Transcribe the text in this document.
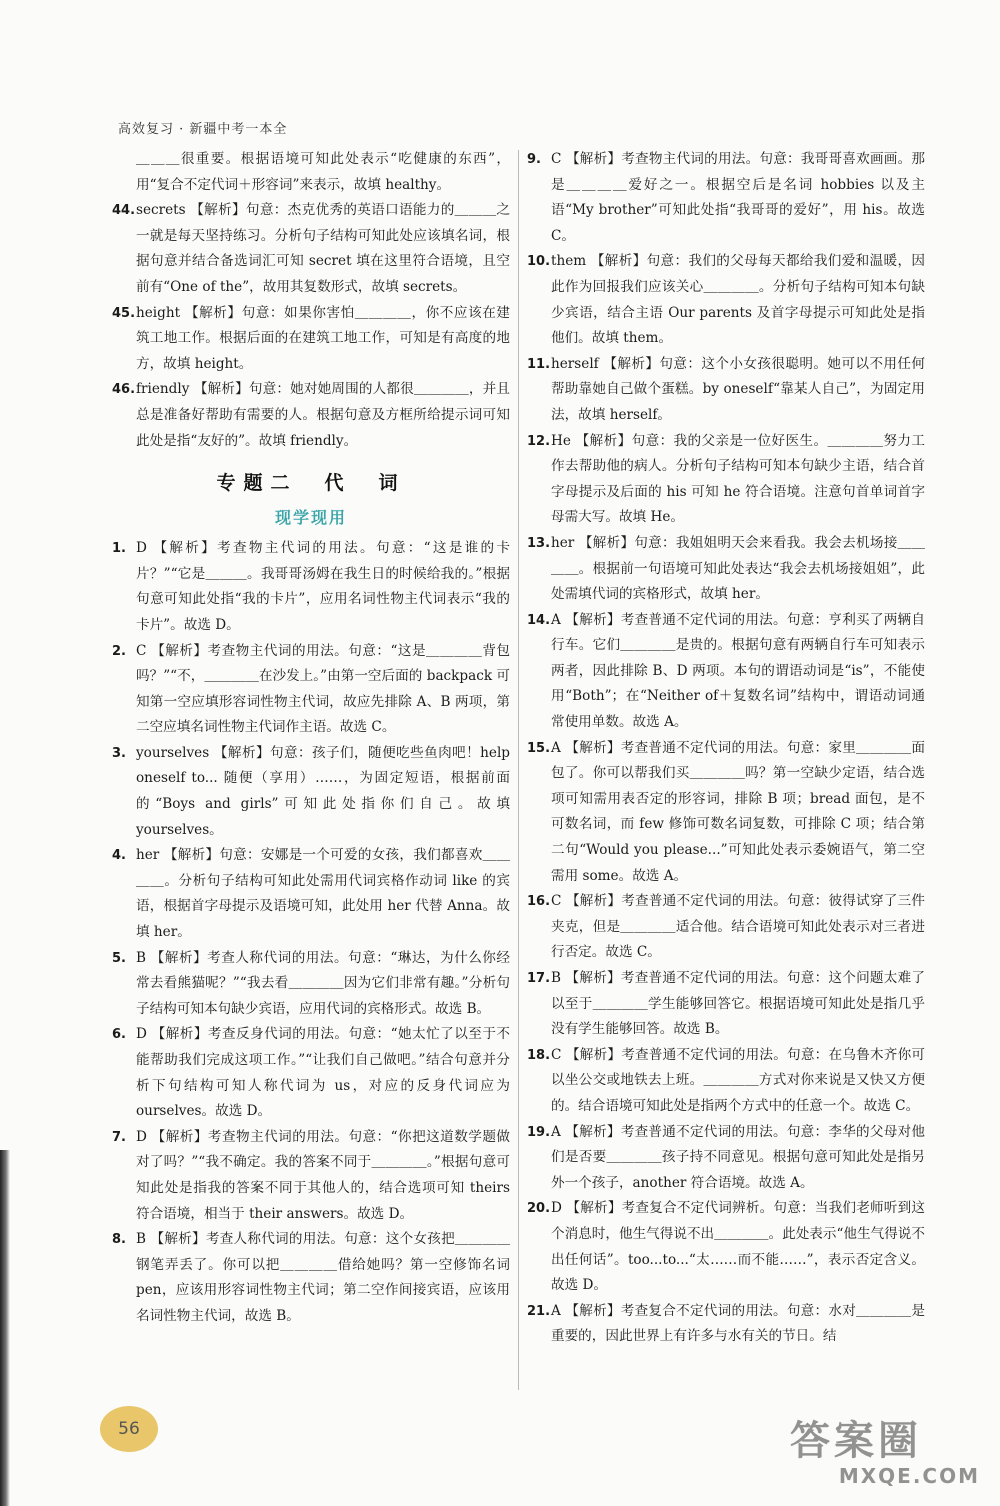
高效复习 · 新疆中考一本全
＿＿＿很重要。根据语境可知此处表示“吃健康的东西”，用“复合不定代词＋形容词”来表示，故填 healthy。
44. secrets 【解析】句意：杰克优秀的英语口语能力的＿＿＿之一就是每天坚持练习。分析句子结构可知此处应该填名词，根据句意并结合备选词汇可知 secret 填在这里符合语境，且空前有“One of the”，故用其复数形式，故填 secrets。
45. height 【解析】句意：如果你害怕＿＿＿＿，你不应该在建筑工地工作。根据后面的在建筑工地工作，可知是有高度的地方，故填 height。
46. friendly 【解析】句意：她对她周围的人都很＿＿＿＿，并且总是准备好帮助有需要的人。根据句意及方框所给提示词可知此处是指“友好的”。故填 friendly。
专题二　代　词
现学现用
1. D 【解析】考查物主代词的用法。句意：“这是谁的卡片？”“它是＿＿＿。我哥哥汤姆在我生日的时候给我的。”根据句意可知此处指“我的卡片”，应用名词性物主代词表示“我的卡片”。故选 D。
2. C 【解析】考查物主代词的用法。句意：“这是＿＿＿＿背包吗？”“不，＿＿＿＿在沙发上。”由第一空后面的 backpack 可知第一空应填形容词性物主代词，故应先排除 A、B 两项，第二空应填名词性物主代词作主语。故选 C。
3. yourselves 【解析】句意：孩子们，随便吃些鱼肉吧！help oneself to... 随便（享用）……，为固定短语，根据前面的“Boys and girls”可知此处指你们自己。故填 yourselves。
4. her 【解析】句意：安娜是一个可爱的女孩，我们都喜欢＿＿＿＿。分析句子结构可知此处需用代词宾格作动词 like 的宾语，根据首字母提示及语境可知，此处用 her 代替 Anna。故填 her。
5. B 【解析】考查人称代词的用法。句意：“琳达，为什么你经常去看熊猫呢？”“我去看＿＿＿＿因为它们非常有趣。”分析句子结构可知本句缺少宾语，应用代词的宾格形式。故选 B。
6. D 【解析】考查反身代词的用法。句意：“她太忙了以至于不能帮助我们完成这项工作。”“让我们自己做吧。”结合句意并分析下句结构可知人称代词为 us，对应的反身代词应为 ourselves。故选 D。
7. D 【解析】考查物主代词的用法。句意：“你把这道数学题做对了吗？”“我不确定。我的答案不同于＿＿＿＿。”根据句意可知此处是指我的答案不同于其他人的，结合选项可知 theirs 符合语境，相当于 their answers。故选 D。
8. B 【解析】考查人称代词的用法。句意：这个女孩把＿＿＿＿钢笔弄丢了。你可以把＿＿＿＿借给她吗？第一空修饰名词 pen，应该用形容词性物主代词；第二空作间接宾语，应该用名词性物主代词，故选 B。
9. C 【解析】考查物主代词的用法。句意：我哥哥喜欢画画。那是＿＿＿＿爱好之一。根据空后是名词 hobbies 以及主语“My brother”可知此处指“我哥哥的爱好”，用 his。故选 C。
10. them 【解析】句意：我们的父母每天都给我们爱和温暖，因此作为回报我们应该关心＿＿＿＿。分析句子结构可知本句缺少宾语，结合主语 Our parents 及首字母提示可知此处是指他们。故填 them。
11. herself 【解析】句意：这个小女孩很聪明。她可以不用任何帮助靠她自己做个蛋糕。by oneself“靠某人自己”，为固定用法，故填 herself。
12. He 【解析】句意：我的父亲是一位好医生。＿＿＿＿努力工作去帮助他的病人。分析句子结构可知本句缺少主语，结合首字母提示及后面的 his 可知 he 符合语境。注意句首单词首字母需大写。故填 He。
13. her 【解析】句意：我姐姐明天会来看我。我会去机场接＿＿＿＿。根据前一句语境可知此处表达“我会去机场接姐姐”，此处需填代词的宾格形式，故填 her。
14. A 【解析】考查普通不定代词的用法。句意：亨利买了两辆自行车。它们＿＿＿＿是贵的。根据句意有两辆自行车可知表示两者，因此排除 B、D 两项。本句的谓语动词是“is”，不能使用“Both”；在“Neither of＋复数名词”结构中，谓语动词通常使用单数。故选 A。
15. A 【解析】考查普通不定代词的用法。句意：家里＿＿＿＿面包了。你可以帮我们买＿＿＿＿吗？第一空缺少定语，结合选项可知需用表否定的形容词，排除 B 项；bread 面包，是不可数名词，而 few 修饰可数名词复数，可排除 C 项；结合第二句“Would you please...”可知此处表示委婉语气，第二空需用 some。故选 A。
16. C 【解析】考查普通不定代词的用法。句意：彼得试穿了三件夹克，但是＿＿＿＿适合他。结合语境可知此处表示对三者进行否定。故选 C。
17. B 【解析】考查普通不定代词的用法。句意：这个问题太难了以至于＿＿＿＿学生能够回答它。根据语境可知此处是指几乎没有学生能够回答。故选 B。
18. C 【解析】考查普通不定代词的用法。句意：在乌鲁木齐你可以坐公交或地铁去上班。＿＿＿＿方式对你来说是又快又方便的。结合语境可知此处是指两个方式中的任意一个。故选 C。
19. A 【解析】考查普通不定代词的用法。句意：李华的父母对他们是否要＿＿＿＿孩子持不同意见。根据句意可知此处是指另外一个孩子，another 符合语境。故选 A。
20. D 【解析】考查复合不定代词辨析。句意：当我们老师听到这个消息时，他生气得说不出＿＿＿＿。此处表示“他生气得说不出任何话”。too...to...“太……而不能……”，表示否定含义。故选 D。
21. A 【解析】考查复合不定代词的用法。句意：水对＿＿＿＿是重要的，因此世界上有许多与水有关的节日。结
56	答案圈
MXQE.COM
